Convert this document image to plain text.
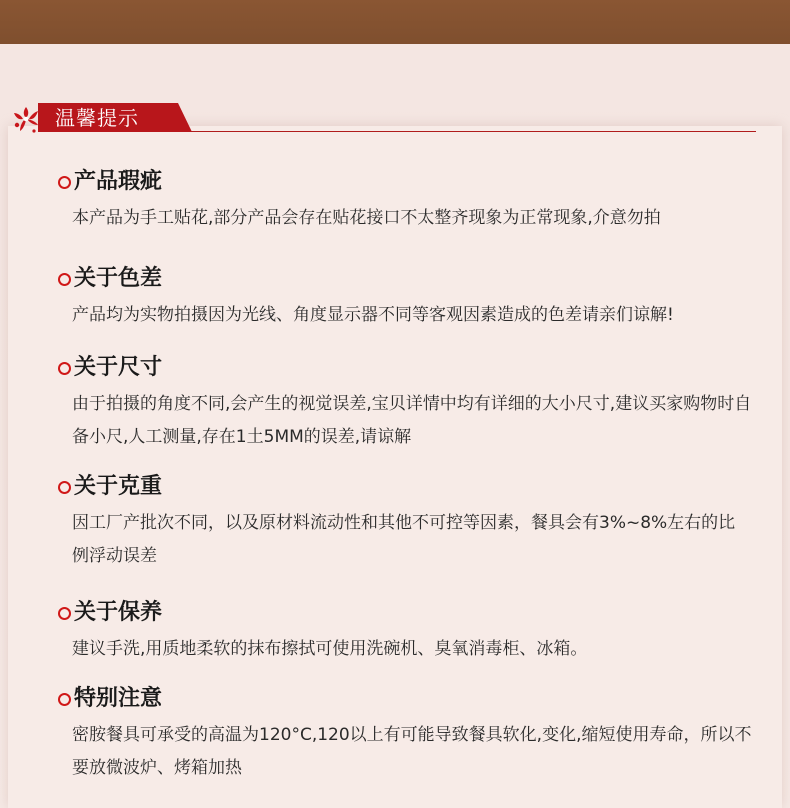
温馨提示
产品瑕疵
本产品为手工贴花,部分产品会存在贴花接口不太整齐现象为正常现象,介意勿拍
关于色差
产品均为实物拍摄因为光线、角度显示器不同等客观因素造成的色差请亲们谅解!
关于尺寸
由于拍摄的角度不同,会产生的视觉误差,宝贝详情中均有详细的大小尺寸,建议买家购物时自备小尺,人工测量,存在1土5MM的误差,请谅解
关于克重
因工厂产批次不同，以及原材料流动性和其他不可控等因素，餐具会有3%~8%左右的比例浮动误差
关于保养
建议手洗,用质地柔软的抹布擦拭可使用洗碗机、臭氧消毒柜、冰箱。
特别注意
密胺餐具可承受的高温为120°C,120以上有可能导致餐具软化,变化,缩短使用寿命，所以不要放微波炉、烤箱加热
